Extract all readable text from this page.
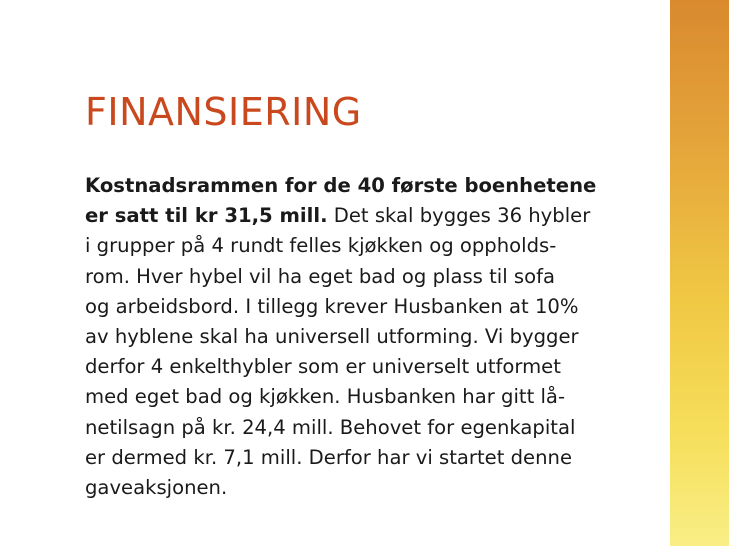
FINANSIERING

Kostnadsrammen for de 40 første boenhetene
er satt til kr 31,5 mill. Det skal bygges 36 hybler
i grupper på 4 rundt felles kjøkken og oppholds-
rom. Hver hybel vil ha eget bad og plass til sofa
og arbeidsbord. I tillegg krever Husbanken at 10%
av hyblene skal ha universell utforming. Vi bygger
derfor 4 enkelthybler som er universelt utformet
med eget bad og kjøkken. Husbanken har gitt lå-
netilsagn på kr. 24,4 mill. Behovet for egenkapital
er dermed kr. 7,1 mill. Derfor har vi startet denne
gaveaksjonen.
